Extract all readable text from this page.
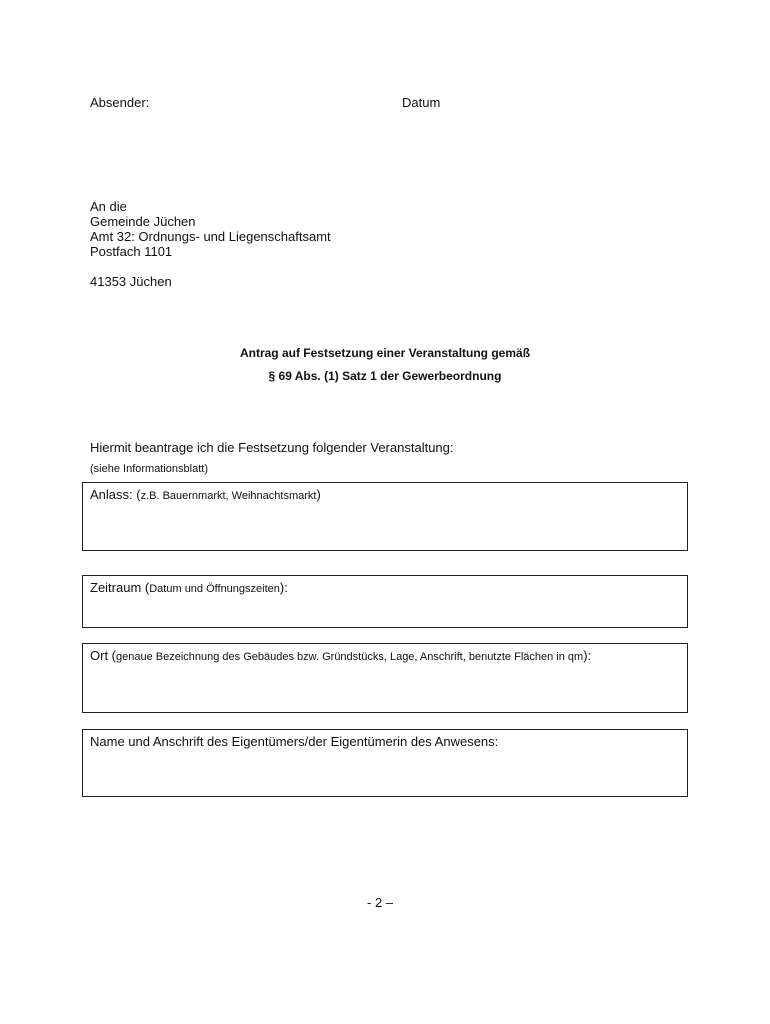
Absender:	Datum
An die
Gemeinde Jüchen
Amt 32: Ordnungs- und Liegenschaftsamt
Postfach 1101
41353 Jüchen
Antrag auf Festsetzung einer Veranstaltung gemäß
§ 69 Abs. (1) Satz 1 der Gewerbeordnung
Hiermit beantrage ich die Festsetzung folgender Veranstaltung:
(siehe Informationsblatt)
Anlass: (z.B. Bauernmarkt, Weihnachtsmarkt)
Zeitraum (Datum und Öffnungszeiten):
Ort (genaue Bezeichnung des Gebäudes bzw. Gründstücks, Lage, Anschrift, benutzte Flächen in qm):
Name und Anschrift des Eigentümers/der Eigentümerin des Anwesens:
- 2 –
